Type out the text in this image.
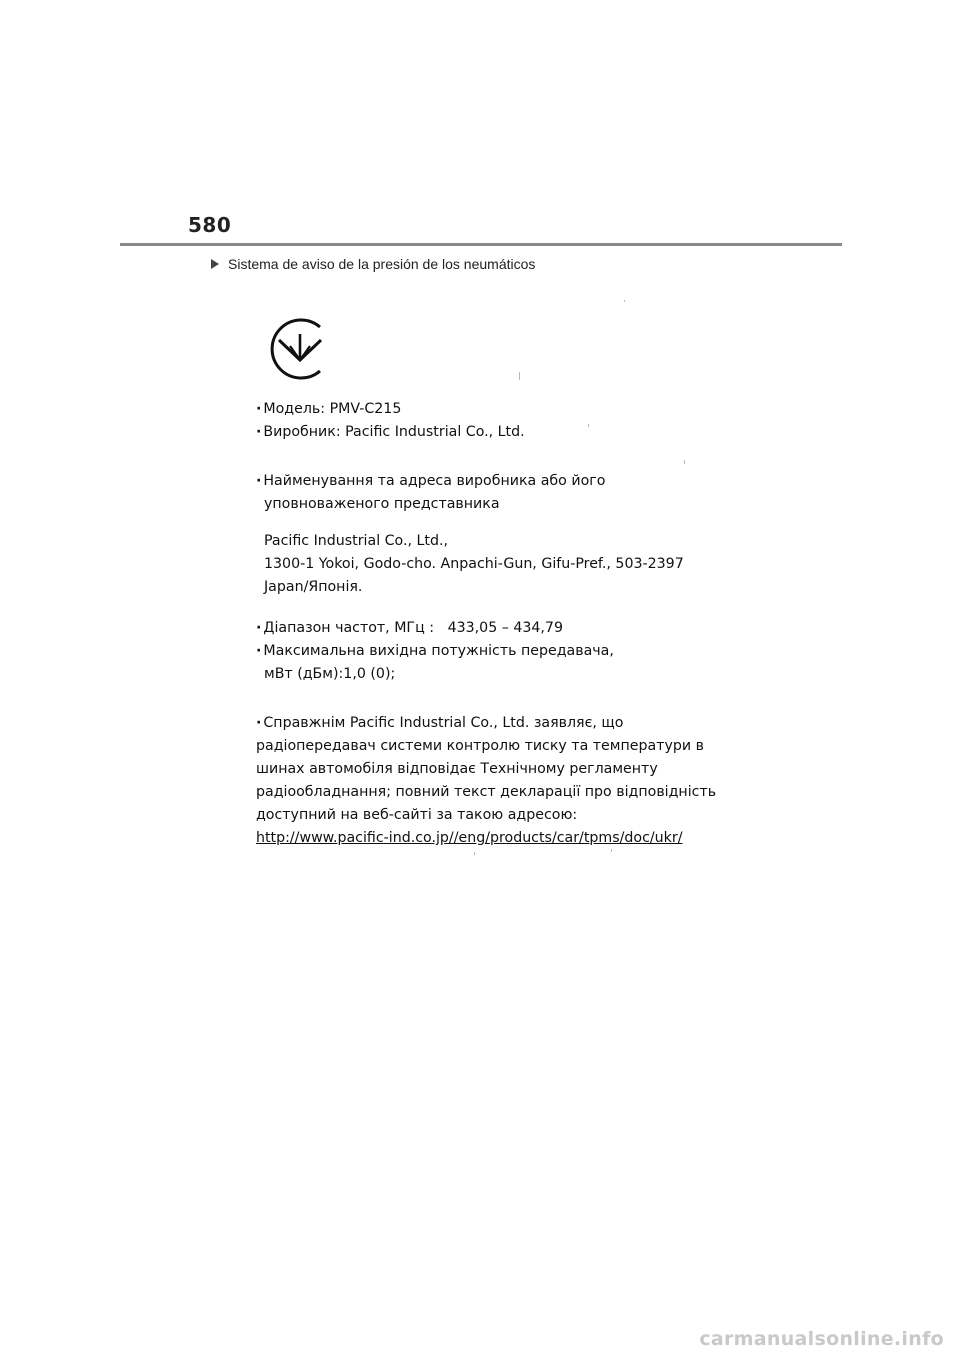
580
Sistema de aviso de la presión de los neumáticos
· Модель: PMV-C215
· Виробник: Pacific Industrial Co., Ltd.
· Найменування та адреса виробника або його
уповноваженого представника
Pacific Industrial Co., Ltd.,
1300-1 Yokoi, Godo-cho. Anpachi-Gun, Gifu-Pref., 503-2397
Japan/Японія.
· Діапазон частот, МГц : 433,05 – 434,79
· Максимальна вихідна потужність передавача,
мВт (дБм):1,0 (0);
· Справжнім Pacific Industrial Co., Ltd. заявляє, що
радіопередавач системи контролю тиску та температури в
шинах автомобіля відповідає Технічному регламенту
радіообладнання; повний текст декларації про відповідність
доступний на веб-сайті за такою адресою:
http://www.pacific-ind.co.jp//eng/products/car/tpms/doc/ukr/
carmanualsonline.info
